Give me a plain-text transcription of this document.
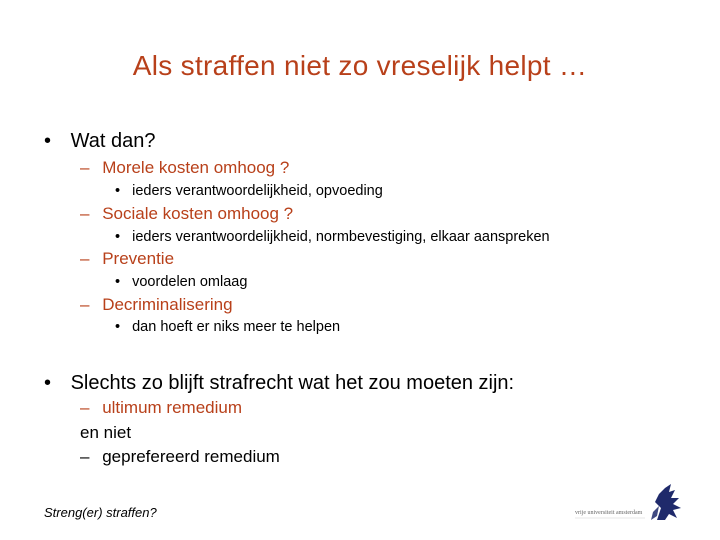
Als straffen niet zo vreselijk helpt …
• Wat dan?
– Morele kosten omhoog ?
• ieders verantwoordelijkheid, opvoeding
– Sociale kosten omhoog ?
• ieders verantwoordelijkheid, normbevestiging, elkaar aanspreken
– Preventie
• voordelen omlaag
– Decriminalisering
• dan hoeft er niks meer te helpen
• Slechts zo blijft strafrecht wat het zou moeten zijn:
– ultimum remedium
en niet
– geprefereerd remedium
Streng(er) straffen?	vrije universiteit amsterdam
